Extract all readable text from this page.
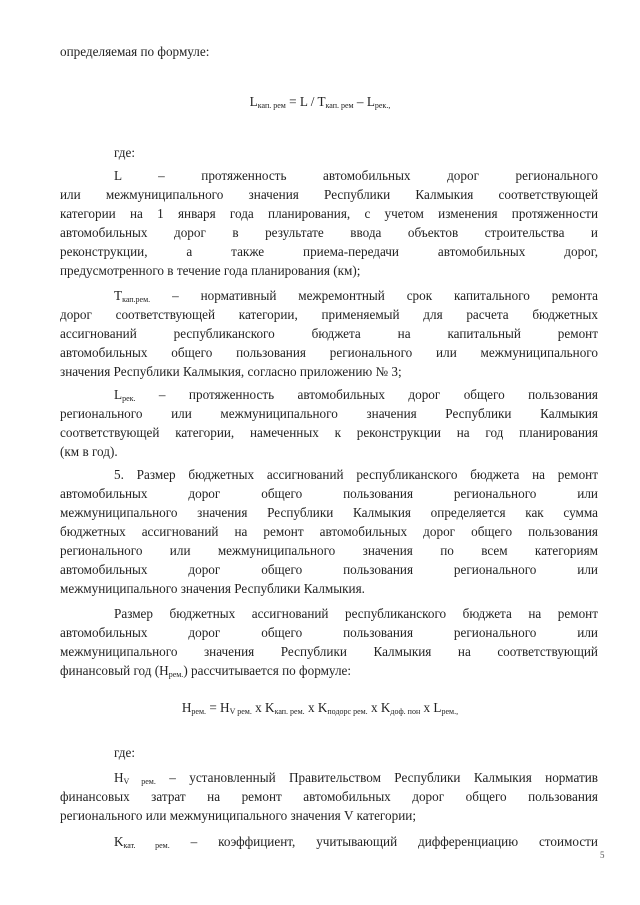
определяемая по формуле:
$L_{кап. рем} = L / T_{кап. рем} - L_{рек.,}$
где:
L – протяженность автомобильных дорог регионального
или межмуниципального значения Республики Калмыкия соответствующей
категории на 1 января года планирования, с учетом изменения протяженности
автомобильных дорог в результате ввода объектов строительства и
реконструкции, а также приема-передачи автомобильных дорог,
предусмотренного в течение года планирования (км);
$T_{кап.рем.}$ – нормативный межремонтный срок капитального ремонта
дорог соответствующей категории, применяемый для расчета бюджетных
ассигнований республиканского бюджета на капитальный ремонт
автомобильных общего пользования регионального или межмуниципального
значения Республики Калмыкия, согласно приложению № 3;
$L_{рек.}$ – протяженность автомобильных дорог общего пользования
регионального или межмуниципального значения Республики Калмыкия
соответствующей категории, намеченных к реконструкции на год планирования
(км в год).
5. Размер бюджетных ассигнований республиканского бюджета на ремонт
автомобильных дорог общего пользования регионального или
межмуниципального значения Республики Калмыкия определяется как сумма
бюджетных ассигнований на ремонт автомобильных дорог общего пользования
регионального или межмуниципального значения по всем категориям
автомобильных дорог общего пользования регионального или
межмуниципального значения Республики Калмыкия.
Размер бюджетных ассигнований республиканского бюджета на ремонт
автомобильных дорог общего пользования регионального или
межмуниципального значения Республики Калмыкия на соответствующий
финансовый год $(Н_{рем.})$ рассчитывается по формуле:
$H_{рем.} = H_{V рем.}$ х $K_{кап. рем.}$ х $K_{подорс рем.}$ х $K_{доф. пон}$ х $L_{рем.,}$
где:
$H_{V рем.}$ – установленный Правительством Республики Калмыкия норматив
финансовых затрат на ремонт автомобильных дорог общего пользования
регионального или межмуниципального значения V категории;
$K_{кат. рем.}$ – коэффициент, учитывающий дифференциацию стоимости
5
